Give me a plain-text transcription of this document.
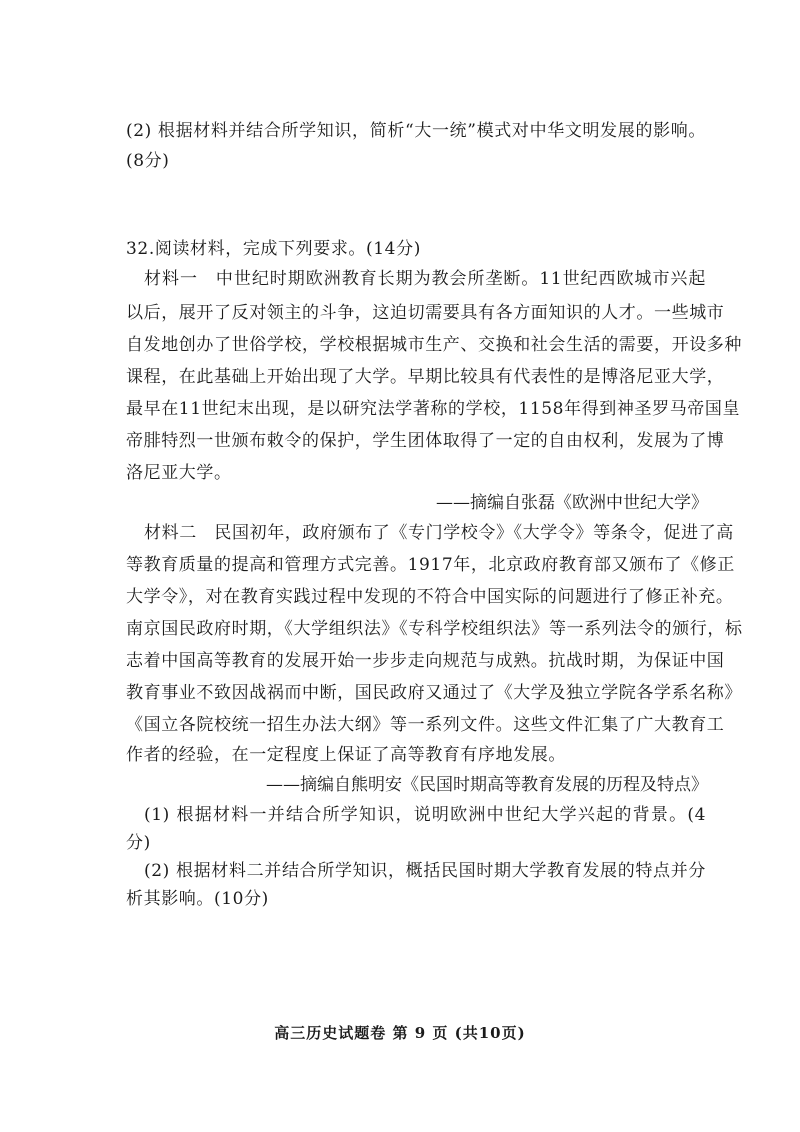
(2) 根据材料并结合所学知识，简析“大一统”模式对中华文明发展的影响。
(8分)
32.阅读材料，完成下列要求。(14分)
材料一　中世纪时期欧洲教育长期为教会所垄断。11世纪西欧城市兴起
以后，展开了反对领主的斗争，这迫切需要具有各方面知识的人才。一些城市
自发地创办了世俗学校，学校根据城市生产、交换和社会生活的需要，开设多种
课程，在此基础上开始出现了大学。早期比较具有代表性的是博洛尼亚大学，
最早在11世纪末出现，是以研究法学著称的学校，1158年得到神圣罗马帝国皇
帝腓特烈一世颁布敕令的保护，学生团体取得了一定的自由权利，发展为了博
洛尼亚大学。
——摘编自张磊《欧洲中世纪大学》
材料二　民国初年，政府颁布了《专门学校令》《大学令》等条令，促进了高
等教育质量的提高和管理方式完善。1917年，北京政府教育部又颁布了《修正
大学令》，对在教育实践过程中发现的不符合中国实际的问题进行了修正补充。
南京国民政府时期，《大学组织法》《专科学校组织法》等一系列法令的颁行，标
志着中国高等教育的发展开始一步步走向规范与成熟。抗战时期，为保证中国
教育事业不致因战祸而中断，国民政府又通过了《大学及独立学院各学系名称》
《国立各院校统一招生办法大纲》等一系列文件。这些文件汇集了广大教育工
作者的经验，在一定程度上保证了高等教育有序地发展。
——摘编自熊明安《民国时期高等教育发展的历程及特点》
(1) 根据材料一并结合所学知识，说明欧洲中世纪大学兴起的背景。(4
分)
(2) 根据材料二并结合所学知识，概括民国时期大学教育发展的特点并分
析其影响。(10分)
高三历史试题卷 第 9 页 (共10页)
